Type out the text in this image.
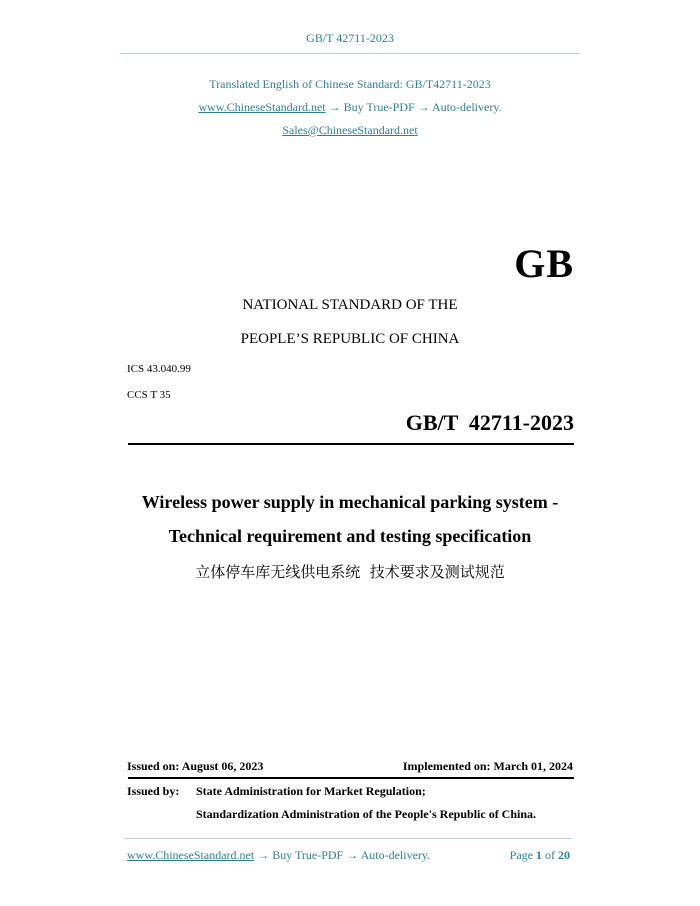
GB/T 42711-2023
Translated English of Chinese Standard: GB/T42711-2023
www.ChineseStandard.net → Buy True-PDF → Auto-delivery.
Sales@ChineseStandard.net
GB
NATIONAL STANDARD OF THE
PEOPLE’S REPUBLIC OF CHINA
ICS 43.040.99
CCS T 35
GB/T  42711-2023
Wireless power supply in mechanical parking system -
Technical requirement and testing specification
立体停车库无线供电系统  技术要求及测试规范
Issued on: August 06, 2023	Implemented on: March 01, 2024
Issued by: State Administration for Market Regulation;
Standardization Administration of the People's Republic of China.
www.ChineseStandard.net → Buy True-PDF → Auto-delivery.	Page 1 of 20
